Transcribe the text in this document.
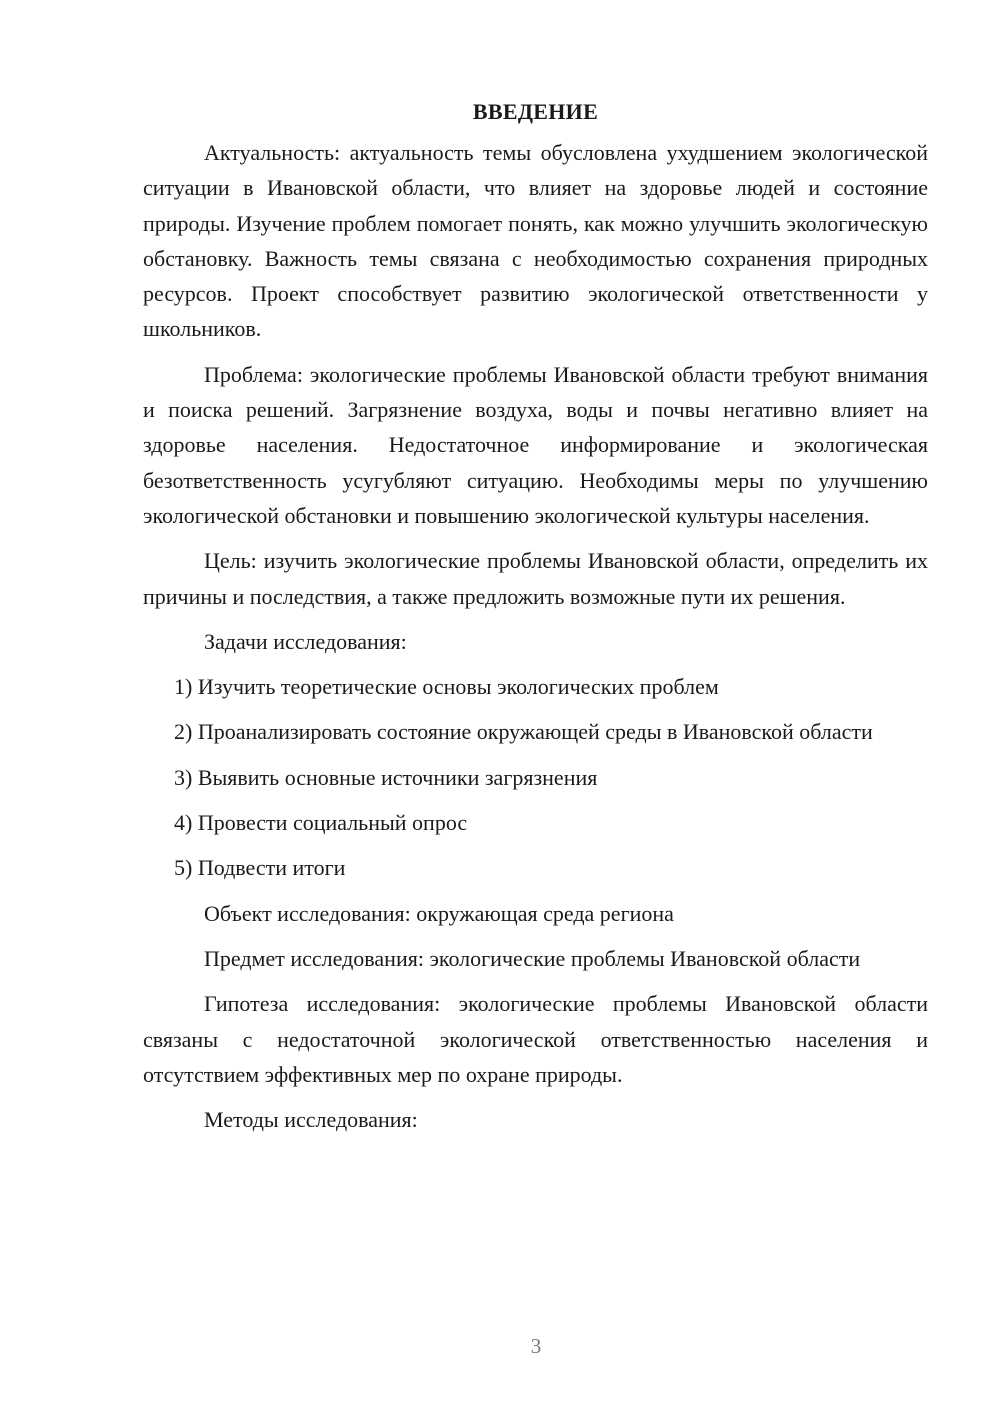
ВВЕДЕНИЕ

Актуальность: актуальность темы обусловлена ухудшением экологической ситуации в Ивановской области, что влияет на здоровье людей и состояние природы. Изучение проблем помогает понять, как можно улучшить экологическую обстановку. Важность темы связана с необходимостью сохранения природных ресурсов. Проект способствует развитию экологической ответственности у школьников.

Проблема: экологические проблемы Ивановской области требуют внимания и поиска решений. Загрязнение воздуха, воды и почвы негативно влияет на здоровье населения. Недостаточное информирование и экологическая безответственность усугубляют ситуацию. Необходимы меры по улучшению экологической обстановки и повышению экологической культуры населения.

Цель: изучить экологические проблемы Ивановской области, определить их причины и последствия, а также предложить возможные пути их решения.

Задачи исследования:

1) Изучить теоретические основы экологических проблем

2) Проанализировать состояние окружающей среды в Ивановской области

3) Выявить основные источники загрязнения

4) Провести социальный опрос

5) Подвести итоги

Объект исследования: окружающая среда региона

Предмет исследования: экологические проблемы Ивановской области

Гипотеза исследования: экологические проблемы Ивановской области связаны с недостаточной экологической ответственностью населения и отсутствием эффективных мер по охране природы.

Методы исследования:

3
